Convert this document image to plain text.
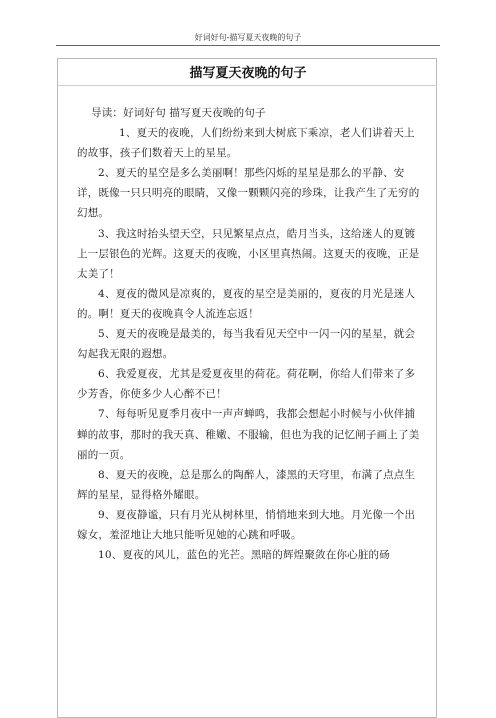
好词好句-描写夏天夜晚的句子
描写夏天夜晚的句子
导读：好词好句 描写夏天夜晚的句子
1、夏天的夜晚，人们纷纷来到大树底下乘凉，老人们讲着天上的故事，孩子们数着天上的星星。
2、夏天的星空是多么美丽啊！那些闪烁的星星是那么的平静、安详，既像一只只明亮的眼睛，又像一颗颗闪亮的珍珠，让我产生了无穷的幻想。
3、我这时抬头望天空，只见繁星点点，皓月当头，这给迷人的夏镀上一层银色的光辉。这夏天的夜晚，小区里真热闹。这夏天的夜晚，正是太美了！
4、夏夜的微风是凉爽的，夏夜的星空是美丽的，夏夜的月光是迷人的。啊！夏天的夜晚真令人流连忘返！
5、夏天的夜晚是最美的，每当我看见天空中一闪一闪的星星，就会勾起我无限的遐想。
6、我爱夏夜，尤其是爱夏夜里的荷花。荷花啊，你给人们带来了多少芳香，你使多少人心醉不已！
7、每每听见夏季月夜中一声声蝉鸣，我都会想起小时候与小伙伴捕蝉的故事，那时的我天真、稚嫩、不服输，但也为我的记忆闸子画上了美丽的一页。
8、夏天的夜晚，总是那么的陶醉人，漆黑的天穹里，布满了点点生辉的星星，显得格外耀眼。
9、夏夜静谧，只有月光从树林里，悄悄地来到大地。月光像一个出嫁女，羞涩地让大地只能听见她的心跳和呼吸。
10、夏夜的风儿，蓝色的光芒。黑暗的辉煌聚敛在你心脏的砀
